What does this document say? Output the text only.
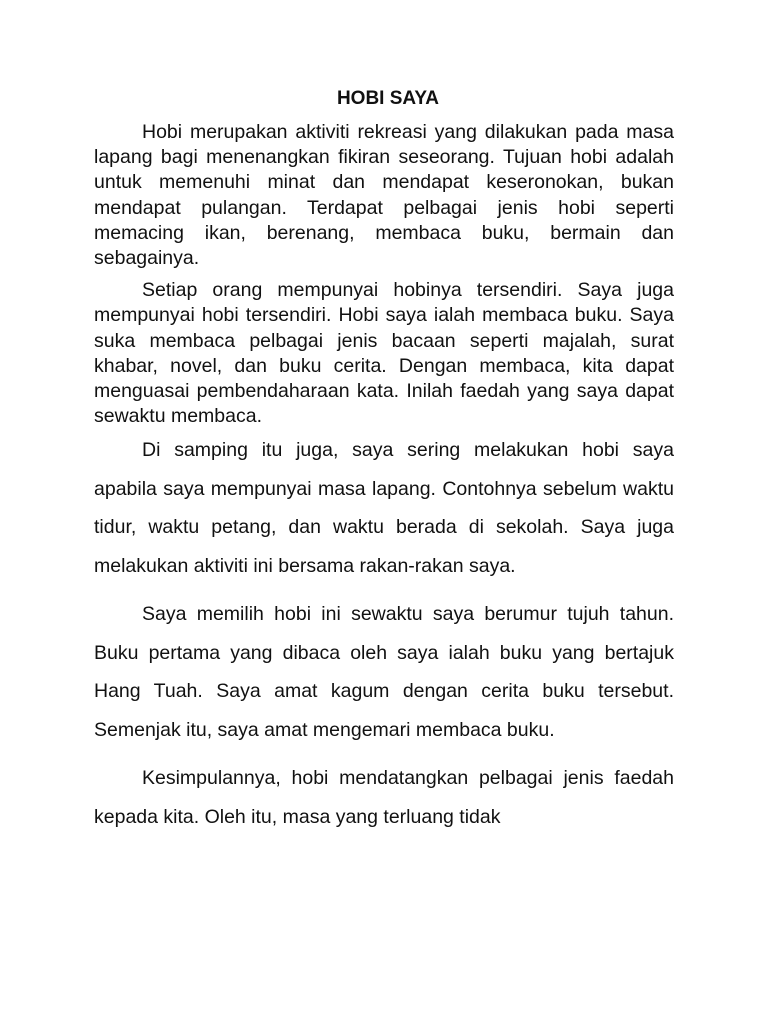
HOBI SAYA

Hobi merupakan aktiviti rekreasi yang dilakukan pada masa lapang bagi menenangkan fikiran seseorang. Tujuan hobi adalah untuk memenuhi minat dan mendapat keseronokan, bukan mendapat pulangan. Terdapat pelbagai jenis hobi seperti memacing ikan, berenang, membaca buku, bermain dan sebagainya.

Setiap orang mempunyai hobinya tersendiri. Saya juga mempunyai hobi tersendiri. Hobi saya ialah membaca buku. Saya suka membaca pelbagai jenis bacaan seperti majalah, surat khabar, novel, dan buku cerita. Dengan membaca, kita dapat menguasai pembendaharaan kata. Inilah faedah yang saya dapat sewaktu membaca.

Di samping itu juga, saya sering melakukan hobi saya apabila saya mempunyai masa lapang. Contohnya sebelum waktu tidur, waktu petang, dan waktu berada di sekolah. Saya juga melakukan aktiviti ini bersama rakan-rakan saya.

Saya memilih hobi ini sewaktu saya berumur tujuh tahun. Buku pertama yang dibaca oleh saya ialah buku yang bertajuk Hang Tuah. Saya amat kagum dengan cerita buku tersebut. Semenjak itu, saya amat mengemari membaca buku.

Kesimpulannya, hobi mendatangkan pelbagai jenis faedah kepada kita. Oleh itu, masa yang terluang tidak
